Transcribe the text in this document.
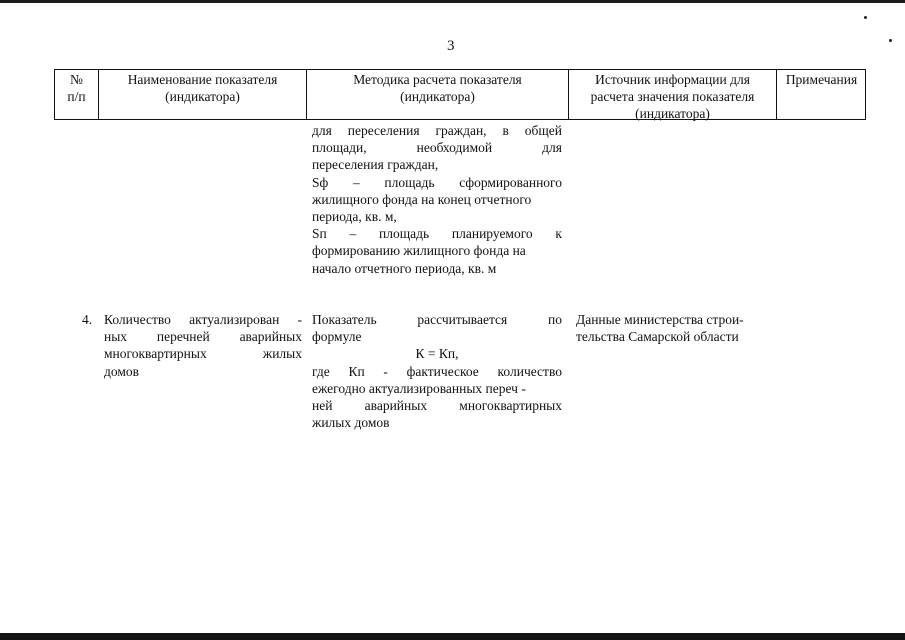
3
№
п/п
Наименование показателя
(индикатора)
Методика расчета показателя
(индикатора)
Источник информации для
расчета значения показателя
(индикатора)
Примечания
для переселения граждан, в общей
площади, необходимой для
переселения граждан,
Sф – площадь сформированного
жилищного фонда на конец отчетного
периода, кв. м,
Sп – площадь планируемого к
формированию жилищного фонда на
начало отчетного периода, кв. м
4. Количество актуализирован -
ных перечней аварийных
многоквартирных жилых
домов
Показатель рассчитывается по
формуле
К = Кп,
где Кп - фактическое количество
ежегодно актуализированных переч -
ней аварийных многоквартирных
жилых домов
Данные министерства строи-
тельства Самарской области
